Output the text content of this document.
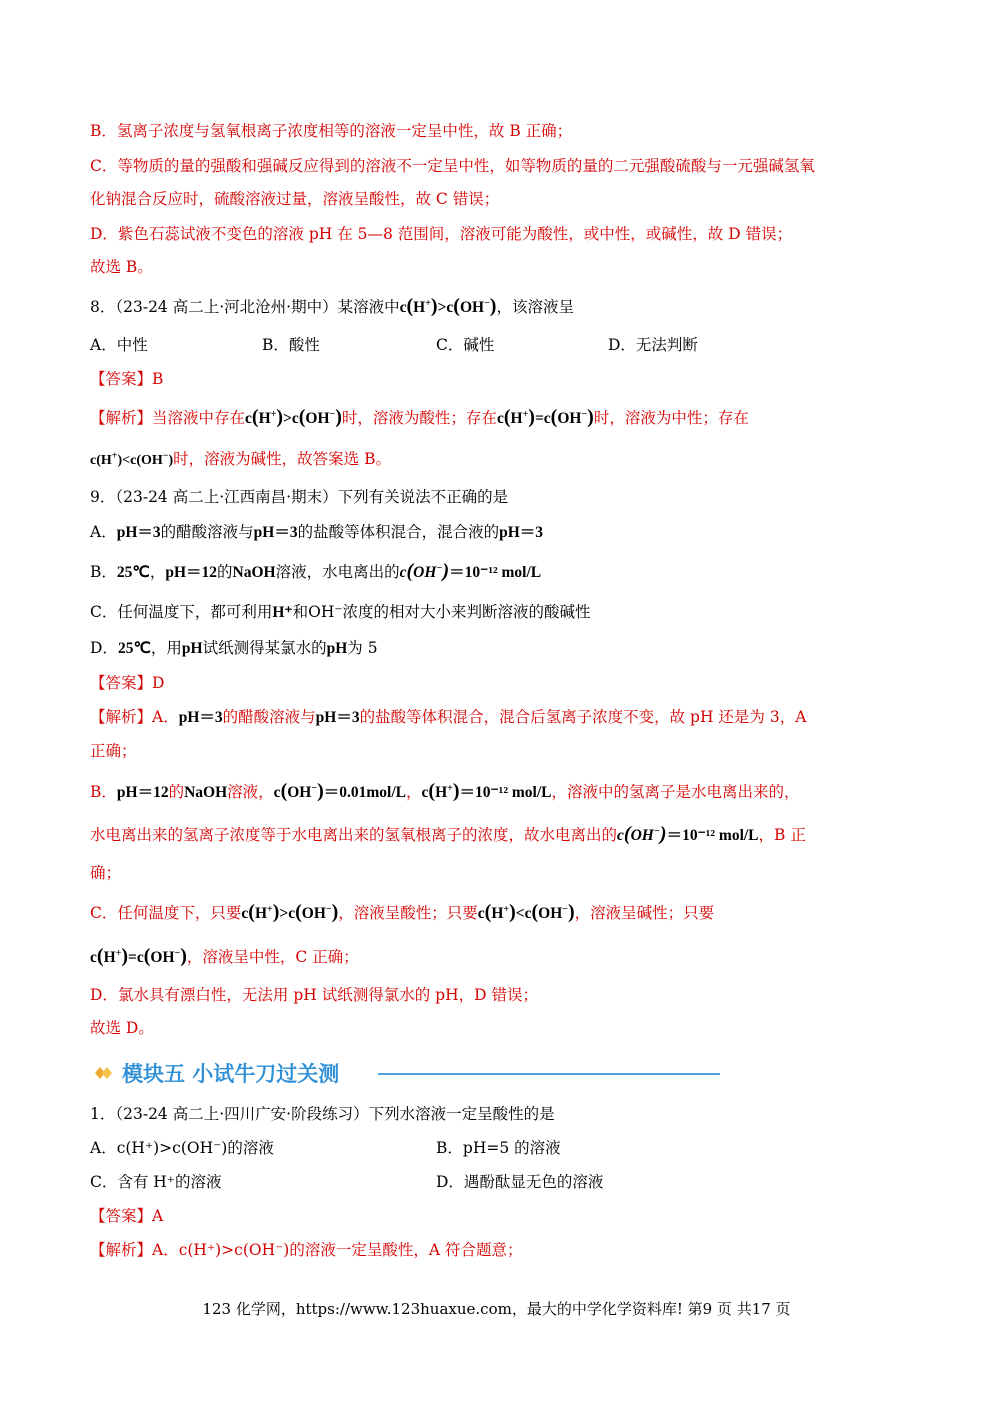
B．氢离子浓度与氢氧根离子浓度相等的溶液一定呈中性，故 B 正确；
C．等物质的量的强酸和强碱反应得到的溶液不一定呈中性，如等物质的量的二元强酸硫酸与一元强碱氢氧
化钠混合反应时，硫酸溶液过量，溶液呈酸性，故 C 错误；
D．紫色石蕊试液不变色的溶液 pH 在 5—8 范围间，溶液可能为酸性，或中性，或碱性，故 D 错误；
故选 B。
8．（23-24 高二上·河北沧州·期中）某溶液中c(H+)>c(OH−)，该溶液呈
A．中性	B．酸性	C．碱性	D．无法判断
【答案】B
【解析】当溶液中存在c(H+)>c(OH−)时，溶液为酸性；存在c(H+)=c(OH−)时，溶液为中性；存在
c(H+)<c(OH−)时，溶液为碱性，故答案选 B。
9．（23-24 高二上·江西南昌·期末）下列有关说法不正确的是
A．pH＝3的醋酸溶液与pH＝3的盐酸等体积混合，混合液的pH＝3
B．25℃，pH＝12的NaOH溶液，水电离出的c(OH−)＝10⁻¹² mol/L
C．任何温度下，都可利用H⁺和OH⁻浓度的相对大小来判断溶液的酸碱性
D．25℃，用pH试纸测得某氯水的pH为 5
【答案】D
【解析】A．pH＝3的醋酸溶液与pH＝3的盐酸等体积混合，混合后氢离子浓度不变，故 pH 还是为 3，A
正确；
B．pH＝12的NaOH溶液，c(OH−)＝0.01mol/L，c(H+)＝10⁻¹² mol/L，溶液中的氢离子是水电离出来的，
水电离出来的氢离子浓度等于水电离出来的氢氧根离子的浓度，故水电离出的c(OH−)＝10⁻¹² mol/L，B 正
确；
C．任何温度下，只要c(H+)>c(OH−)，溶液呈酸性；只要c(H+)<c(OH−)，溶液呈碱性；只要
c(H+)=c(OH−)，溶液呈中性，C 正确；
D．氯水具有漂白性，无法用 pH 试纸测得氯水的 pH，D 错误；
故选 D。
模块五 小试牛刀过关测
1．（23-24 高二上·四川广安·阶段练习）下列水溶液一定呈酸性的是
A．c(H⁺)>c(OH⁻)的溶液	B．pH=5 的溶液
C．含有 H⁺的溶液	D．遇酚酞显无色的溶液
【答案】A
【解析】A．c(H⁺)>c(OH⁻)的溶液一定呈酸性，A 符合题意；
123 化学网，https://www.123huaxue.com，最大的中学化学资料库! 第9 页 共17 页
